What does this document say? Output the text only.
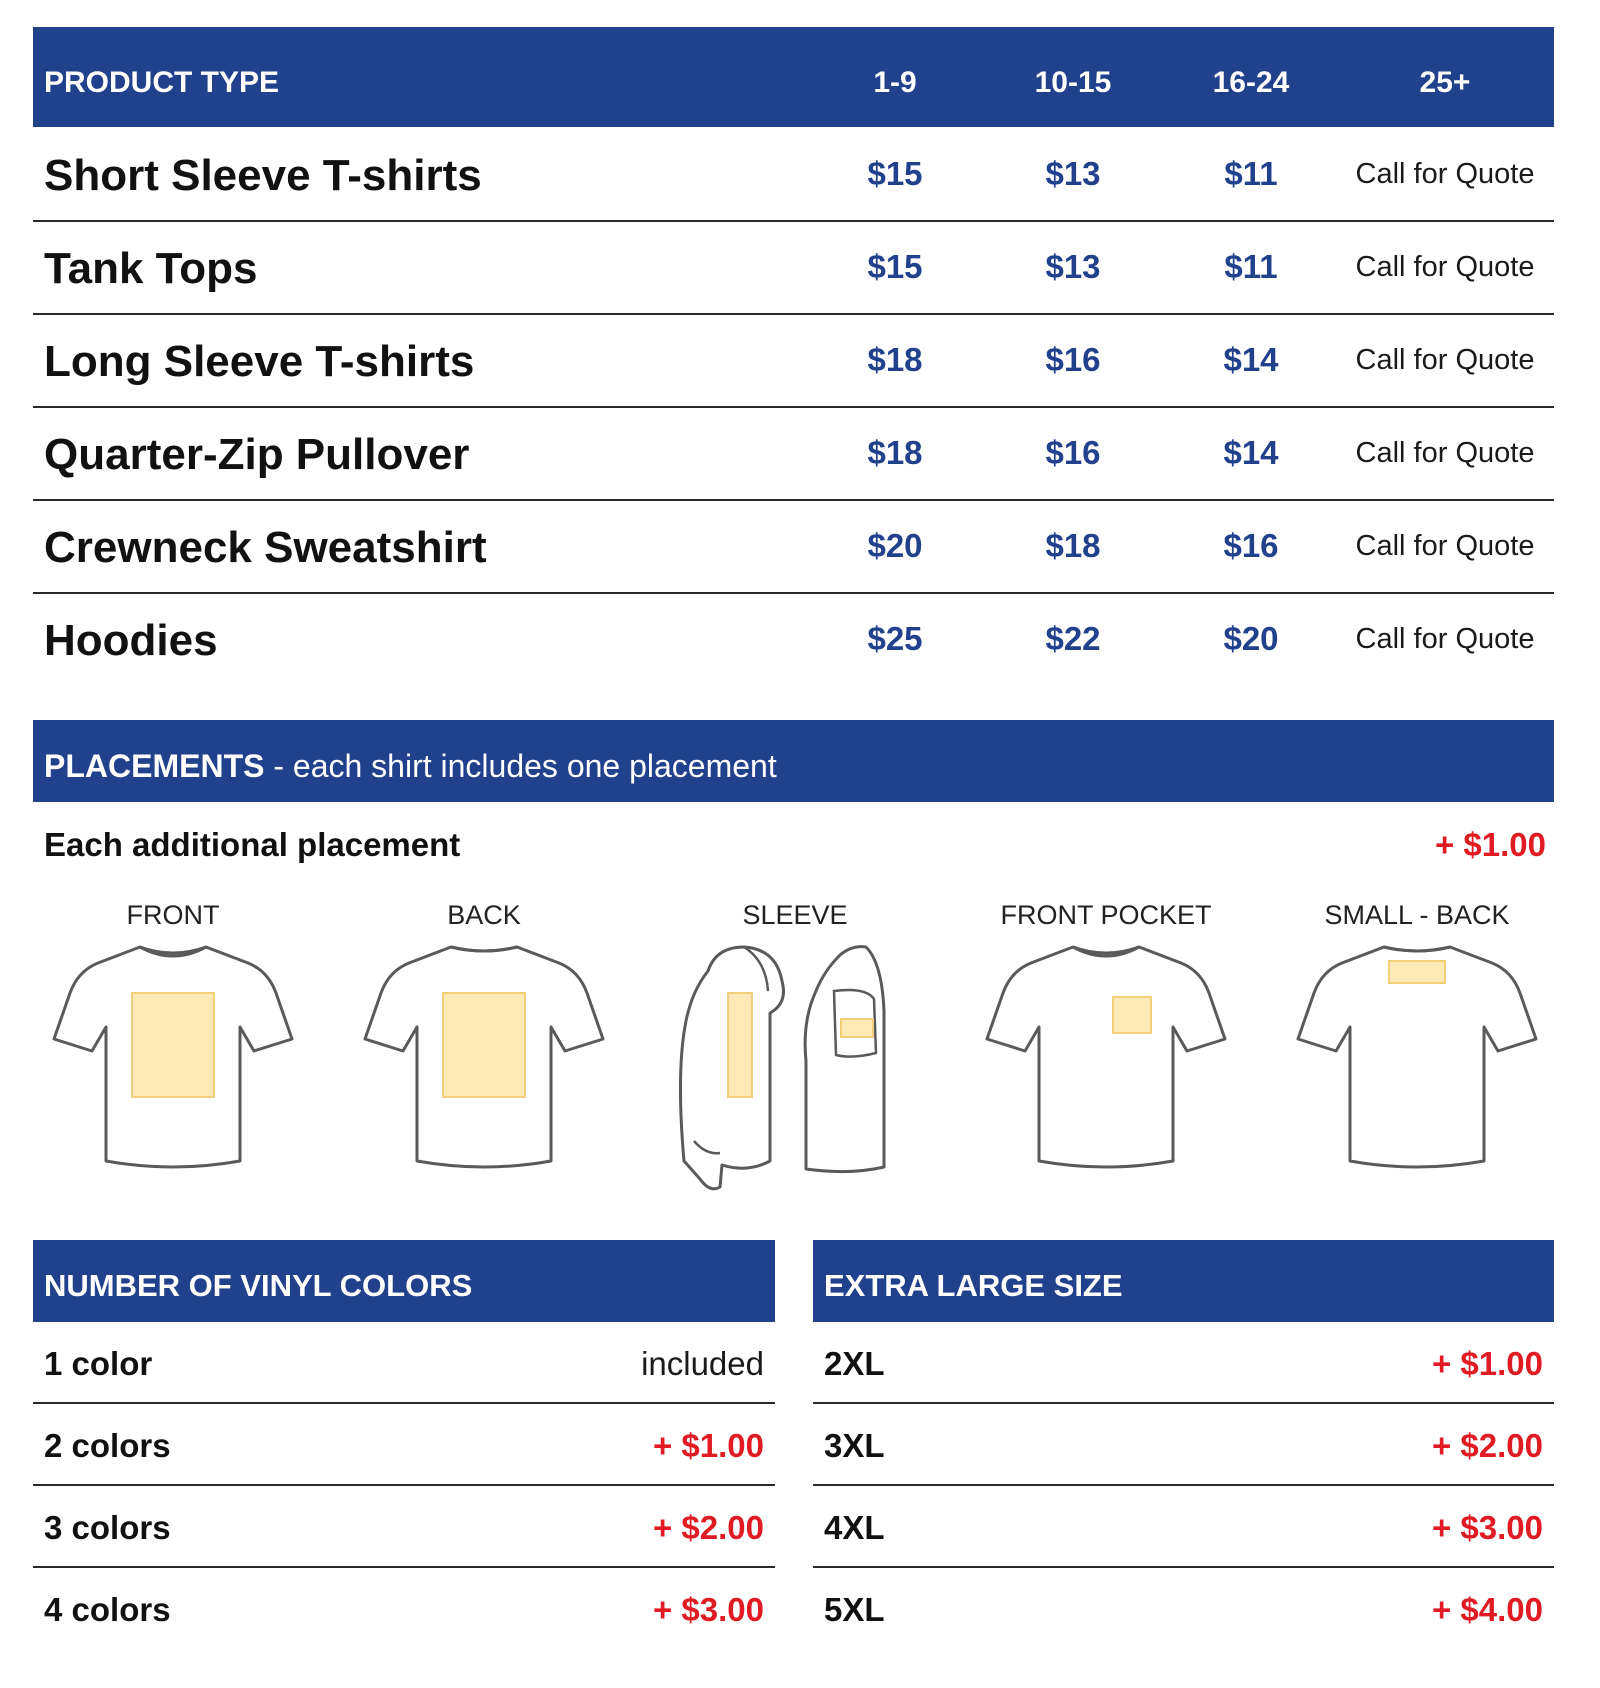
PRODUCT TYPE	1-9	10-15	16-24	25+
Short Sleeve T-shirts	$15	$13	$11	Call for Quote
Tank Tops	$15	$13	$11	Call for Quote
Long Sleeve T-shirts	$18	$16	$14	Call for Quote
Quarter-Zip Pullover	$18	$16	$14	Call for Quote
Crewneck Sweatshirt	$20	$18	$16	Call for Quote
Hoodies	$25	$22	$20	Call for Quote
PLACEMENTS - each shirt includes one placement
Each additional placement	+ $1.00
FRONT	BACK	SLEEVE	FRONT POCKET	SMALL - BACK
NUMBER OF VINYL COLORS
1 color	included
2 colors	+ $1.00
3 colors	+ $2.00
4 colors	+ $3.00
EXTRA LARGE SIZE
2XL	+ $1.00
3XL	+ $2.00
4XL	+ $3.00
5XL	+ $4.00
